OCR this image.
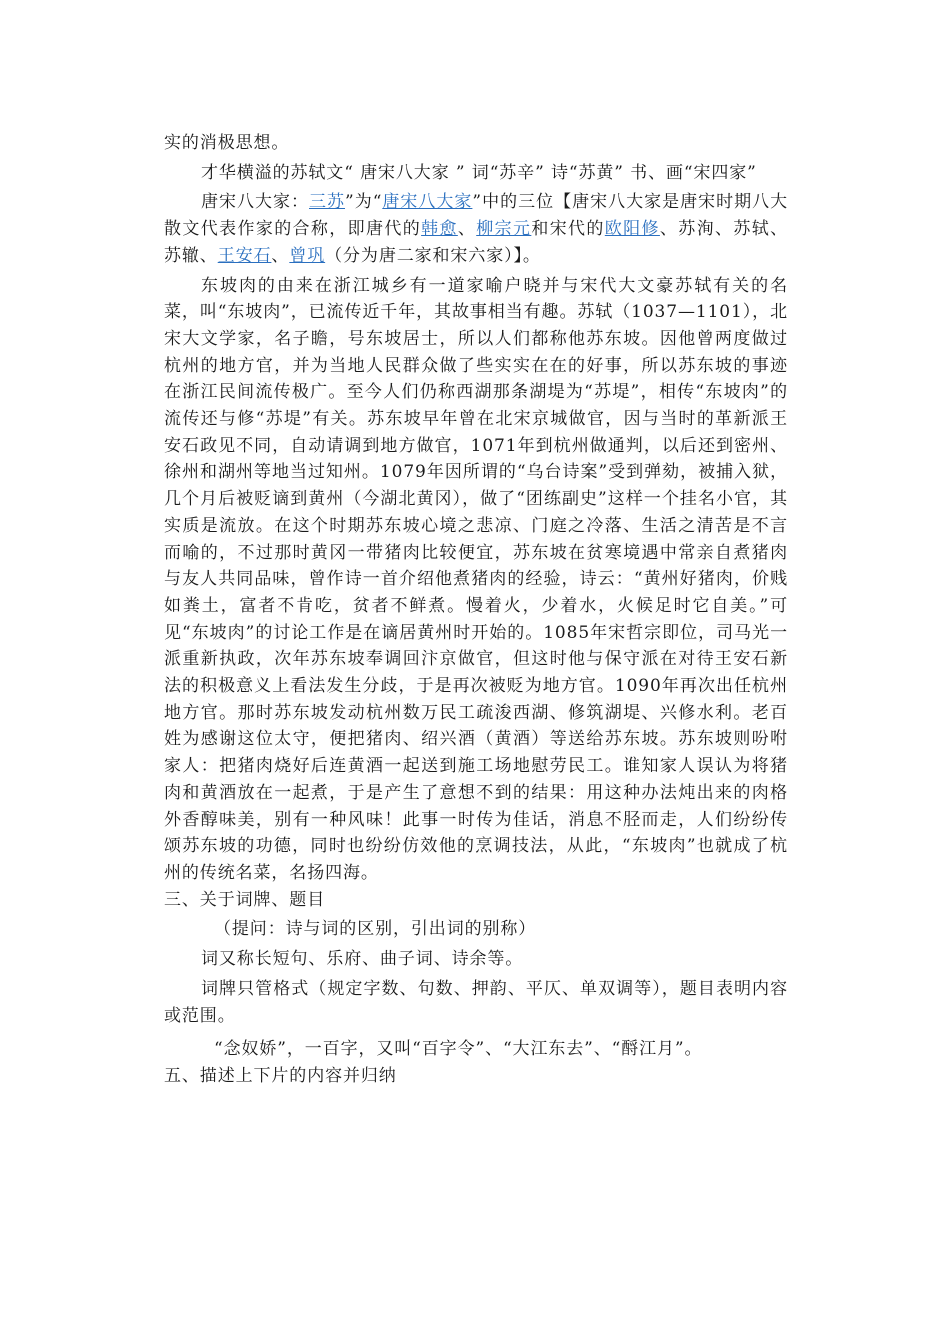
实的消极思想。

才华横溢的苏轼文“ 唐宋八大家 ” 词“苏辛” 诗“苏黄” 书、画“宋四家”

唐宋八大家：三苏”为“唐宋八大家”中的三位【唐宋八大家是唐宋时期八大散文代表作家的合称，即唐代的韩愈、柳宗元和宋代的欧阳修、苏洵、苏轼、苏辙、王安石、曾巩（分为唐二家和宋六家）】。

东坡肉的由来在浙江城乡有一道家喻户晓并与宋代大文豪苏轼有关的名菜，叫“东坡肉”，已流传近千年，其故事相当有趣。苏轼（1037—1101），北宋大文学家，名子瞻，号东坡居士，所以人们都称他苏东坡。因他曾两度做过杭州的地方官，并为当地人民群众做了些实实在在的好事，所以苏东坡的事迹在浙江民间流传极广。至今人们仍称西湖那条湖堤为“苏堤”，相传“东坡肉”的流传还与修“苏堤”有关。苏东坡早年曾在北宋京城做官，因与当时的革新派王安石政见不同，自动请调到地方做官，1071年到杭州做通判，以后还到密州、徐州和湖州等地当过知州。1079年因所谓的“乌台诗案”受到弹劾，被捕入狱，几个月后被贬谪到黄州（今湖北黄冈），做了“团练副史”这样一个挂名小官，其实质是流放。在这个时期苏东坡心境之悲凉、门庭之冷落、生活之清苦是不言而喻的，不过那时黄冈一带猪肉比较便宜，苏东坡在贫寒境遇中常亲自煮猪肉与友人共同品味，曾作诗一首介绍他煮猪肉的经验，诗云：“黄州好猪肉，价贱如粪土，富者不肯吃，贫者不鲜煮。慢着火，少着水，火候足时它自美。”可见“东坡肉”的讨论工作是在谪居黄州时开始的。1085年宋哲宗即位，司马光一派重新执政，次年苏东坡奉调回汴京做官，但这时他与保守派在对待王安石新法的积极意义上看法发生分歧，于是再次被贬为地方官。1090年再次出任杭州地方官。那时苏东坡发动杭州数万民工疏浚西湖、修筑湖堤、兴修水利。老百姓为感谢这位太守，便把猪肉、绍兴酒（黄酒）等送给苏东坡。苏东坡则吩咐家人：把猪肉烧好后连黄酒一起送到施工场地慰劳民工。谁知家人误认为将猪肉和黄酒放在一起煮，于是产生了意想不到的结果：用这种办法炖出来的肉格外香醇味美，别有一种风味！此事一时传为佳话，消息不胫而走，人们纷纷传颂苏东坡的功德，同时也纷纷仿效他的烹调技法，从此，“东坡肉”也就成了杭州的传统名菜，名扬四海。

三、关于词牌、题目

（提问：诗与词的区别，引出词的别称）

词又称长短句、乐府、曲子词、诗余等。

词牌只管格式（规定字数、句数、押韵、平仄、单双调等），题目表明内容或范围。

“念奴娇”，一百字，又叫“百字令”、“大江东去”、“酹江月”。

五、描述上下片的内容并归纳
